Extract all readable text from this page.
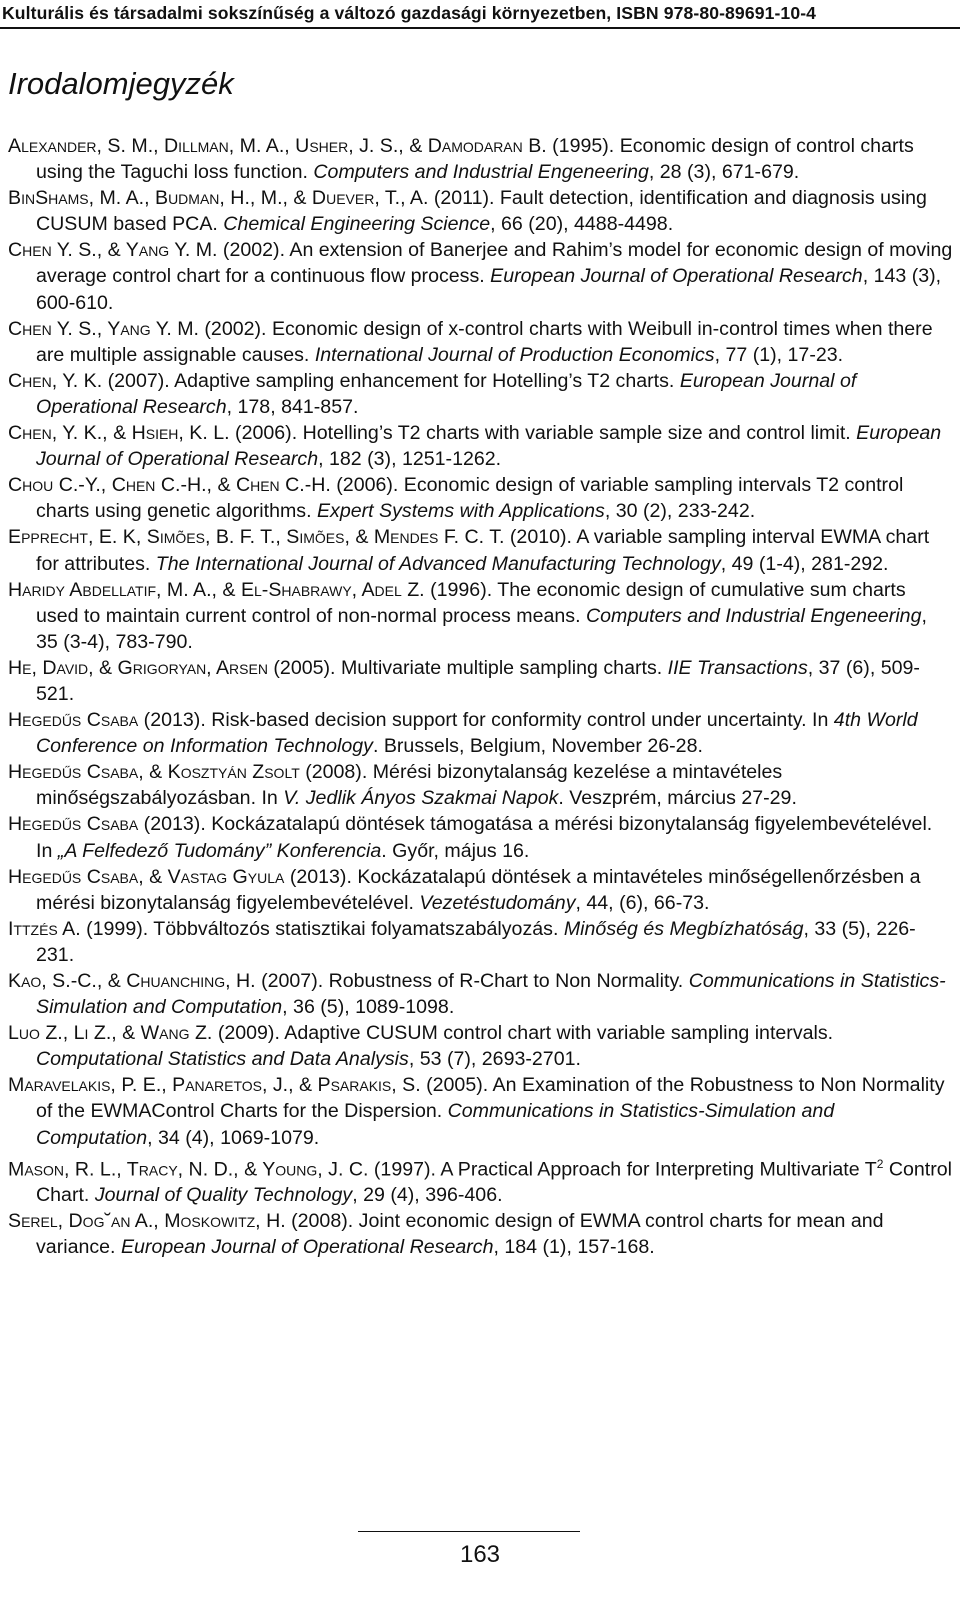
Kulturális és társadalmi sokszínűség a változó gazdasági környezetben, ISBN 978-80-89691-10-4
Irodalomjegyzék

Alexander, S. M., Dillman, M. A., Usher, J. S., & Damodaran B. (1995). Economic design of control charts using the Taguchi loss function. Computers and Industrial Engeneering, 28 (3), 671-679.

BinShams, M. A., Budman, H., M., & Duever, T., A. (2011). Fault detection, identification and diagnosis using CUSUM based PCA. Chemical Engineering Science, 66 (20), 4488-4498.

Chen Y. S., & Yang Y. M. (2002). An extension of Banerjee and Rahim’s model for economic design of moving average control chart for a continuous flow process. European Journal of Operational Research, 143 (3), 600-610.

Chen Y. S., Yang Y. M. (2002). Economic design of x-control charts with Weibull in-control times when there are multiple assignable causes. International Journal of Production Economics, 77 (1), 17-23.

Chen, Y. K. (2007). Adaptive sampling enhancement for Hotelling’s T2 charts. European Journal of Operational Research, 178, 841-857.

Chen, Y. K., & Hsieh, K. L. (2006). Hotelling’s T2 charts with variable sample size and control limit. European Journal of Operational Research, 182 (3), 1251-1262.

Chou C.-Y., Chen C.-H., & Chen C.-H. (2006). Economic design of variable sampling intervals T2 control charts using genetic algorithms. Expert Systems with Applications, 30 (2), 233-242.

Epprecht, E. K, Simões, B. F. T., Simões, & Mendes F. C. T. (2010). A variable sampling interval EWMA chart for attributes. The International Journal of Advanced Manufacturing Technology, 49 (1-4), 281-292.

Haridy Abdellatif, M. A., & El-Shabrawy, Adel Z. (1996). The economic design of cumulative sum charts used to maintain current control of non-normal process means. Computers and Industrial Engeneering, 35 (3-4), 783-790.

He, David, & Grigoryan, Arsen (2005). Multivariate multiple sampling charts. IIE Transactions, 37 (6), 509-521.

Hegedűs Csaba (2013). Risk-based decision support for conformity control under uncertainty. In 4th World Conference on Information Technology. Brussels, Belgium, November 26-28.

Hegedűs Csaba, & Kosztyán Zsolt (2008). Mérési bizonytalanság kezelése a mintavételes minőségszabályozásban. In V. Jedlik Ányos Szakmai Napok. Veszprém, március 27-29.

Hegedűs Csaba (2013). Kockázatalapú döntések támogatása a mérési bizonytalanság figyelembevételével. In „A Felfedező Tudomány” Konferencia. Győr, május 16.

Hegedűs Csaba, & Vastag Gyula (2013). Kockázatalapú döntések a mintavételes minőségellenőrzésben a mérési bizonytalanság figyelembevételével. Vezetéstudomány, 44, (6), 66-73.

Ittzés A. (1999). Többváltozós statisztikai folyamatszabályozás. Minőség és Megbízhatóság, 33 (5), 226-231.

Kao, S.-C., & Chuanching, H. (2007). Robustness of R-Chart to Non Normality. Communications in Statistics-Simulation and Computation, 36 (5), 1089-1098.

Luo Z., Li Z., & Wang Z. (2009). Adaptive CUSUM control chart with variable sampling intervals. Computational Statistics and Data Analysis, 53 (7), 2693-2701.

Maravelakis, P. E., Panaretos, J., & Psarakis, S. (2005). An Examination of the Robustness to Non Normality of the EWMAControl Charts for the Dispersion. Communications in Statistics-Simulation and Computation, 34 (4), 1069-1079.

Mason, R. L., Tracy, N. D., & Young, J. C. (1997). A Practical Approach for Interpreting Multivariate $T^2$ Control Chart. Journal of Quality Technology, 29 (4), 396-406.

Serel, Dog˘an A., Moskowitz, H. (2008). Joint economic design of EWMA control charts for mean and variance. European Journal of Operational Research, 184 (1), 157-168.

163
